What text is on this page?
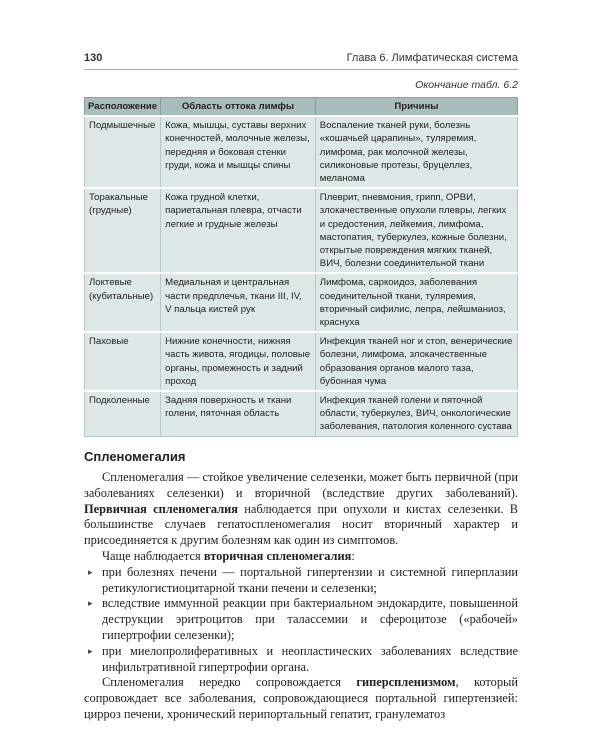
130	Глава 6. Лимфатическая система
Окончание табл. 6.2
Расположение	Область оттока лимфы	Причины
Подмышечные	Кожа, мышцы, суставы верхних конечностей, молочные железы, передняя и боковая стенки груди, кожа и мышцы спины	Воспаление тканей руки, болезнь «кошачьей царапины», туляремия, лимфома, рак молочной железы, силиконовые протезы, бруцеллез, меланома
Торакальные (грудные)	Кожа грудной клетки, париетальная плевра, отчасти легкие и грудные железы	Плеврит, пневмония, грипп, ОРВИ, злокачественные опухоли плевры, легких и средостения, лейкемия, лимфома, мастопатия, туберкулез, кожные болезни, открытые повреждения мягких тканей, ВИЧ, болезни соединительной ткани
Локтевые (кубитальные)	Медиальная и центральная части предплечья, ткани III, IV, V пальца кистей рук	Лимфома, саркоидоз, заболевания соединительной ткани, туляремия, вторичный сифилис, лепра, лейшманиоз, краснуха
Паховые	Нижние конечности, нижняя часть живота, ягодицы, половые органы, промежность и задний проход	Инфекция тканей ног и стоп, венерические болезни, лимфома, злокачественные образования органов малого таза, бубонная чума
Подколенные	Задняя поверхность и ткани голени, пяточная область	Инфекция тканей голени и пяточной области, туберкулез, ВИЧ, онкологические заболевания, патология коленного сустава
Спленомегалия

Спленомегалия — стойкое увеличение селезенки, может быть первичной (при заболеваниях селезенки) и вторичной (вследствие других заболеваний). Первичная спленомегалия наблюдается при опухоли и кистах селезенки. В большинстве случаев гепатоспленомегалия носит вторичный характер и присоединяется к другим болезням как один из симптомов.

Чаще наблюдается вторичная спленомегалия:

▸ при болезнях печени — портальной гипертензии и системной гиперплазии ретикулогистиоцитарной ткани печени и селезенки;
▸ вследствие иммунной реакции при бактериальном эндокардите, повышенной деструкции эритроцитов при талассемии и сфероцитозе («рабочей» гипертрофии селезенки);
▸ при миелопролиферативных и неопластических заболеваниях вследствие инфильтративной гипертрофии органа.

Спленомегалия нередко сопровождается гиперспленизмом, который сопровождает все заболевания, сопровождающиеся портальной гипертензией: цирроз печени, хронический перипортальный гепатит, гранулематоз
